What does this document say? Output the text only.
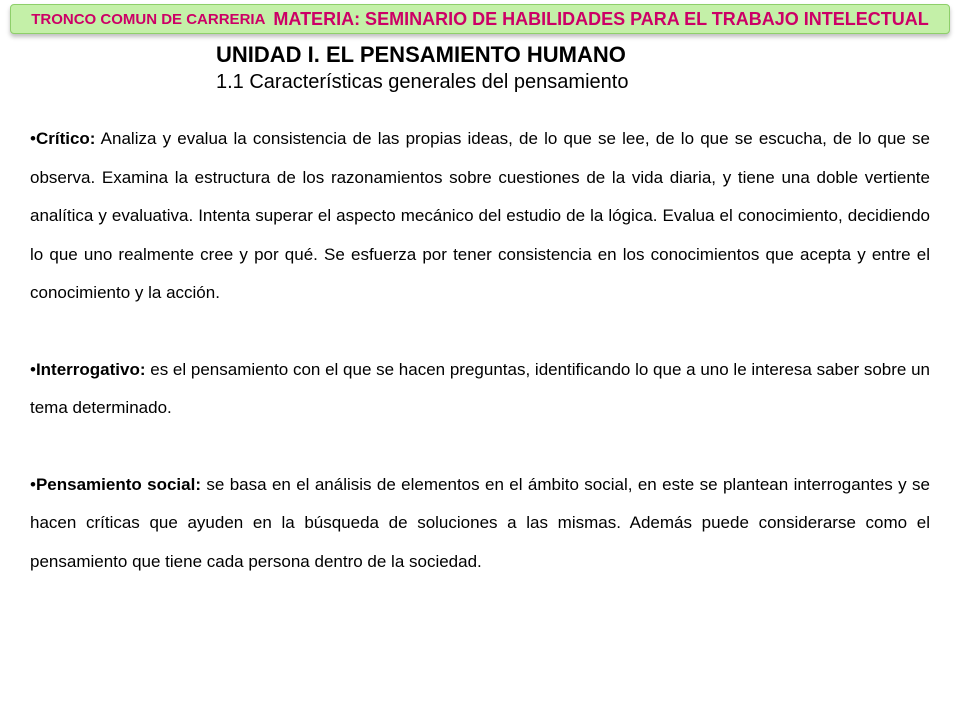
TRONCO COMUN DE CARRERIA MATERIA: SEMINARIO DE HABILIDADES PARA EL TRABAJO INTELECTUAL
UNIDAD I. EL PENSAMIENTO HUMANO
1.1 Características generales del pensamiento

•Crítico: Analiza y evalua la consistencia de las propias ideas, de lo que se lee, de lo que se escucha, de lo que se observa. Examina la estructura de los razonamientos sobre cuestiones de la vida diaria, y tiene una doble vertiente analítica y evaluativa. Intenta superar el aspecto mecánico del estudio de la lógica. Evalua el conocimiento, decidiendo lo que uno realmente cree y por qué. Se esfuerza por tener consistencia en los conocimientos que acepta y entre el conocimiento y la acción.

•Interrogativo: es el pensamiento con el que se hacen preguntas, identificando lo que a uno le interesa saber sobre un tema determinado.

•Pensamiento social: se basa en el análisis de elementos en el ámbito social, en este se plantean interrogantes y se hacen críticas que ayuden en la búsqueda de soluciones a las mismas. Además puede considerarse como el pensamiento que tiene cada persona dentro de la sociedad.
